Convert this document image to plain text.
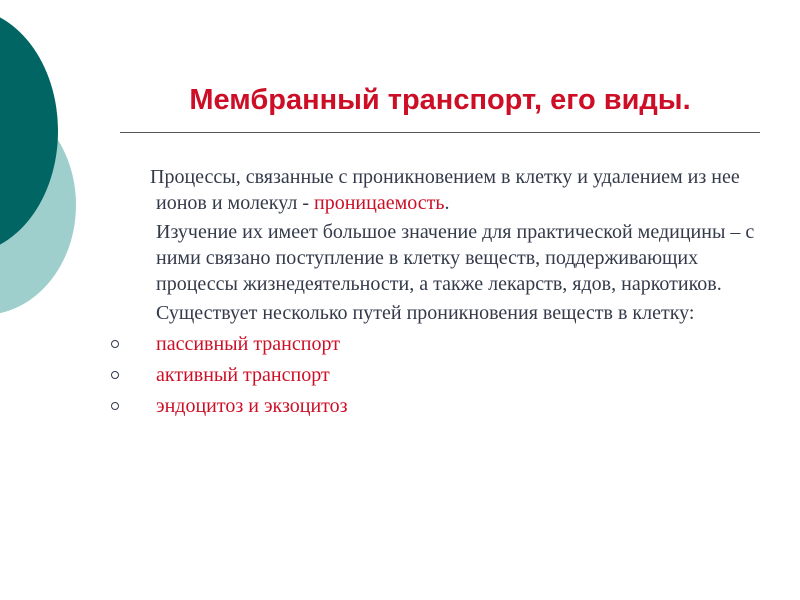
Мембранный транспорт, его виды.

Процессы, связанные с проникновением в клетку и удалением из нее ионов и молекул - проницаемость.

Изучение их имеет большое значение для практической медицины – с ними связано поступление в клетку веществ, поддерживающих процессы жизнедеятельности, а также лекарств, ядов, наркотиков.

Существует несколько путей проникновения веществ в клетку:

пассивный транспорт
активный транспорт
эндоцитоз и экзоцитоз
